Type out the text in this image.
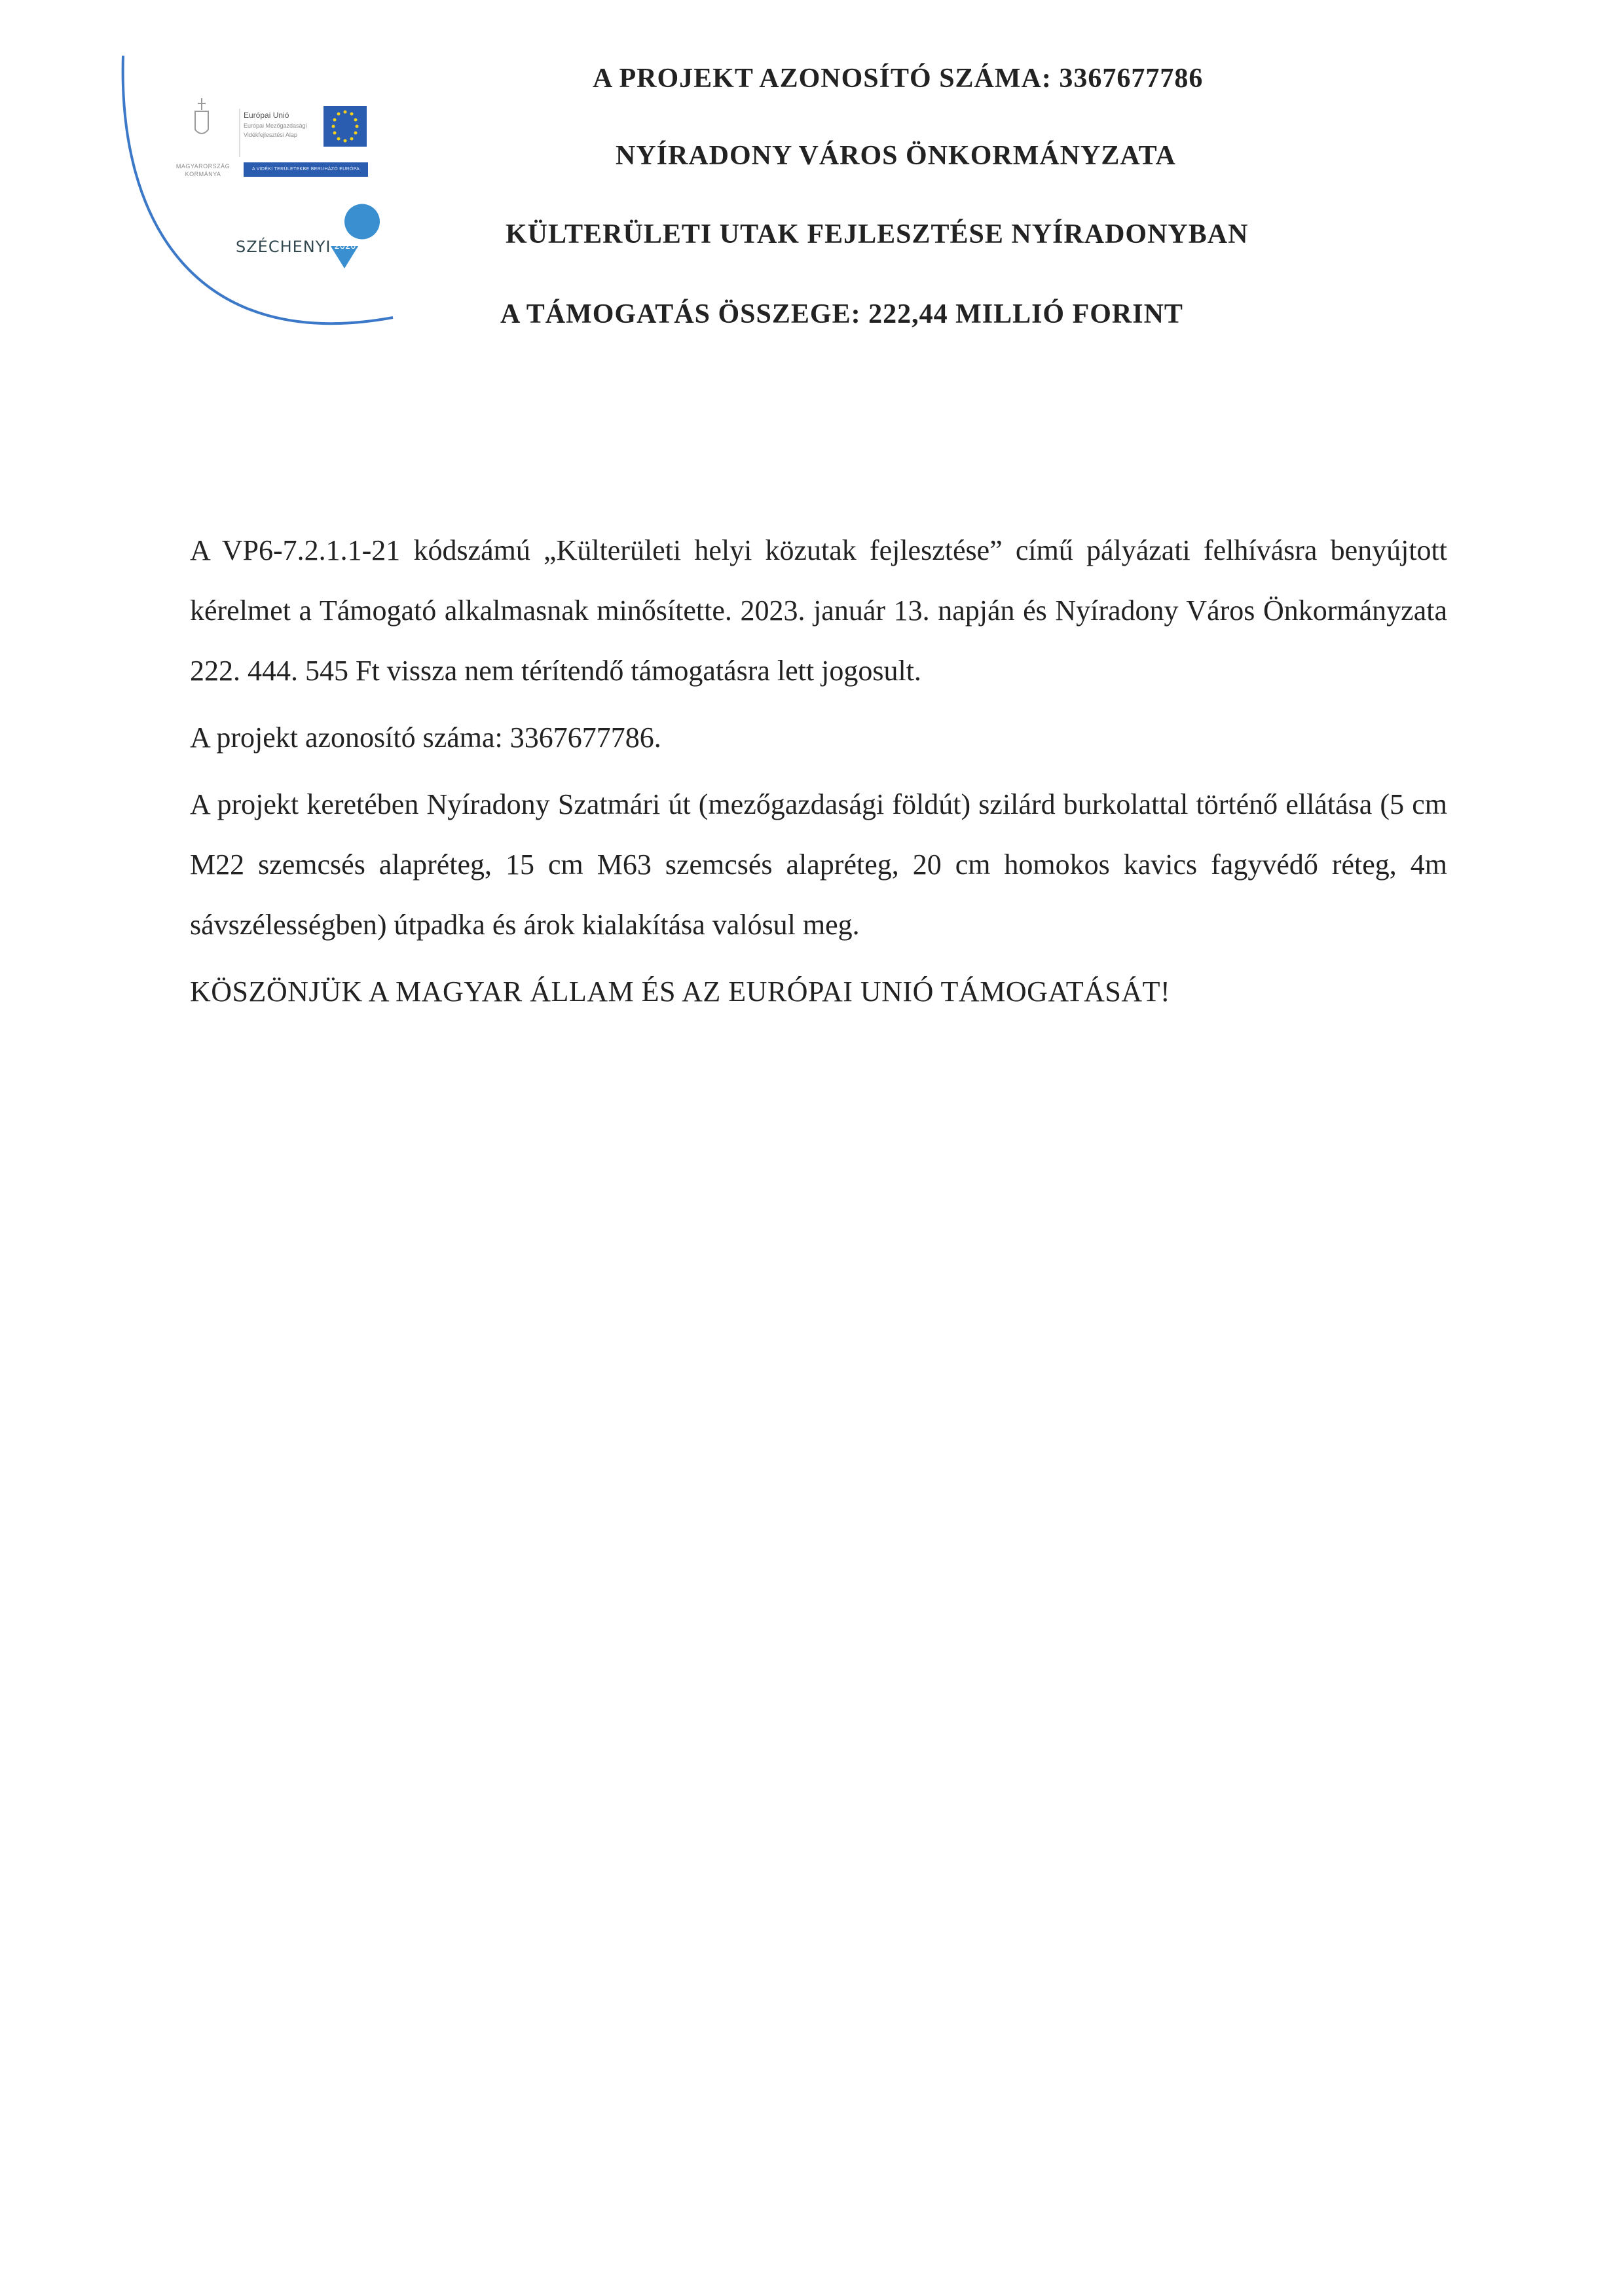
MAGYARORSZÁG KORMÁNYA
Európai Unió
Európai Mezőgazdasági Vidékfejlesztési Alap
A VIDÉKI TERÜLETEKBE BERUHÁZÓ EURÓPA
SZÉCHENYI 2020
A PROJEKT AZONOSÍTÓ SZÁMA: 3367677786
NYÍRADONY VÁROS ÖNKORMÁNYZATA
KÜLTERÜLETI UTAK FEJLESZTÉSE NYÍRADONYBAN
A TÁMOGATÁS ÖSSZEGE: 222,44 MILLIÓ FORINT

A VP6-7.2.1.1-21 kódszámú „Külterületi helyi közutak fejlesztése” című pályázati felhívásra benyújtott kérelmet a Támogató alkalmasnak minősítette. 2023. január 13. napján és Nyíradony Város Önkormányzata 222. 444. 545 Ft vissza nem térítendő támogatásra lett jogosult.

A projekt azonosító száma: 3367677786.

A projekt keretében Nyíradony Szatmári út (mezőgazdasági földút) szilárd burkolattal történő ellátása (5 cm M22 szemcsés alapréteg, 15 cm M63 szemcsés alapréteg, 20 cm homokos kavics fagyvédő réteg, 4m sávszélességben) útpadka és árok kialakítása valósul meg.

KÖSZÖNJÜK A MAGYAR ÁLLAM ÉS AZ EURÓPAI UNIÓ TÁMOGATÁSÁT!
